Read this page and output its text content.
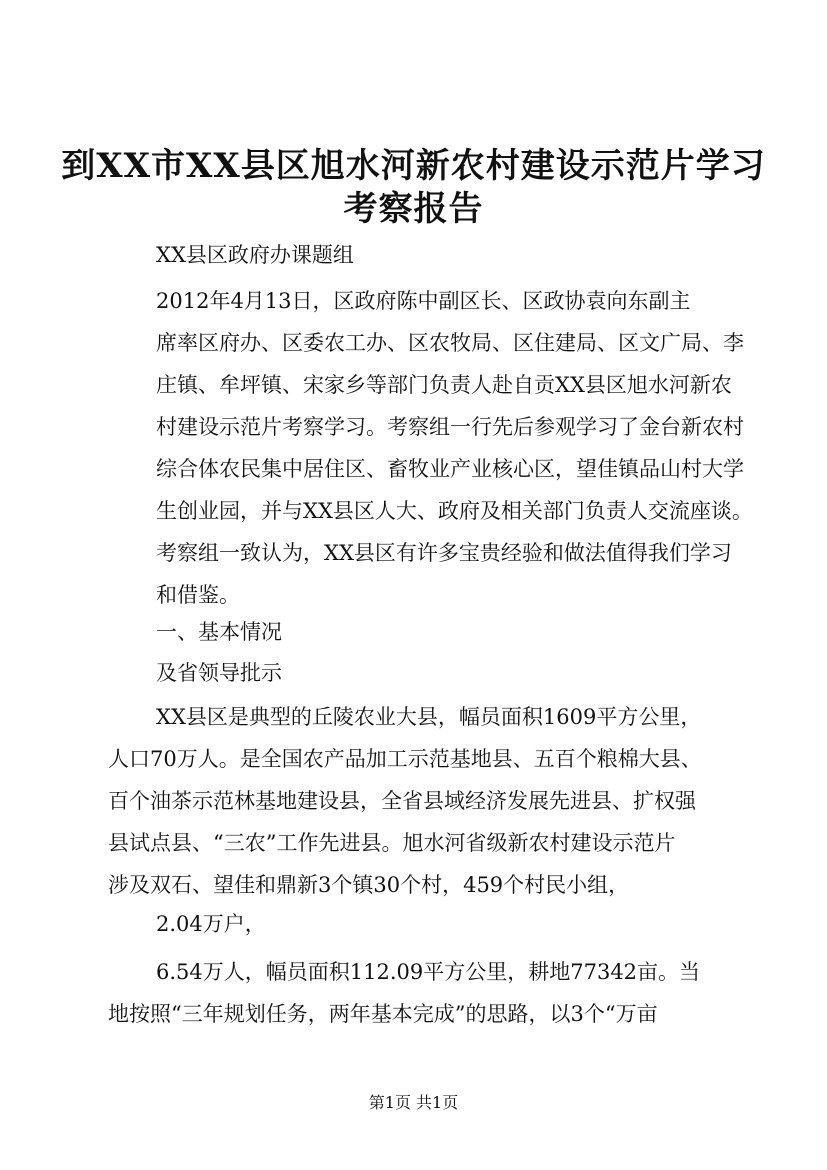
到XX市XX县区旭水河新农村建设示范片学习
考察报告
XX县区政府办课题组
2012年4月13日，区政府陈中副区长、区政协袁向东副主
席率区府办、区委农工办、区农牧局、区住建局、区文广局、李
庄镇、牟坪镇、宋家乡等部门负责人赴自贡XX县区旭水河新农
村建设示范片考察学习。考察组一行先后参观学习了金台新农村
综合体农民集中居住区、畜牧业产业核心区，望佳镇品山村大学
生创业园，并与XX县区人大、政府及相关部门负责人交流座谈。
考察组一致认为，XX县区有许多宝贵经验和做法值得我们学习
和借鉴。
一、基本情况
及省领导批示
XX县区是典型的丘陵农业大县，幅员面积1609平方公里，
人口70万人。是全国农产品加工示范基地县、五百个粮棉大县、
百个油茶示范林基地建设县，全省县域经济发展先进县、扩权强
县试点县、“三农”工作先进县。旭水河省级新农村建设示范片
涉及双石、望佳和鼎新3个镇30个村，459个村民小组，
2.04万户，
6.54万人，幅员面积112.09平方公里，耕地77342亩。当
地按照“三年规划任务，两年基本完成”的思路，以3个“万亩
第1页 共1页
